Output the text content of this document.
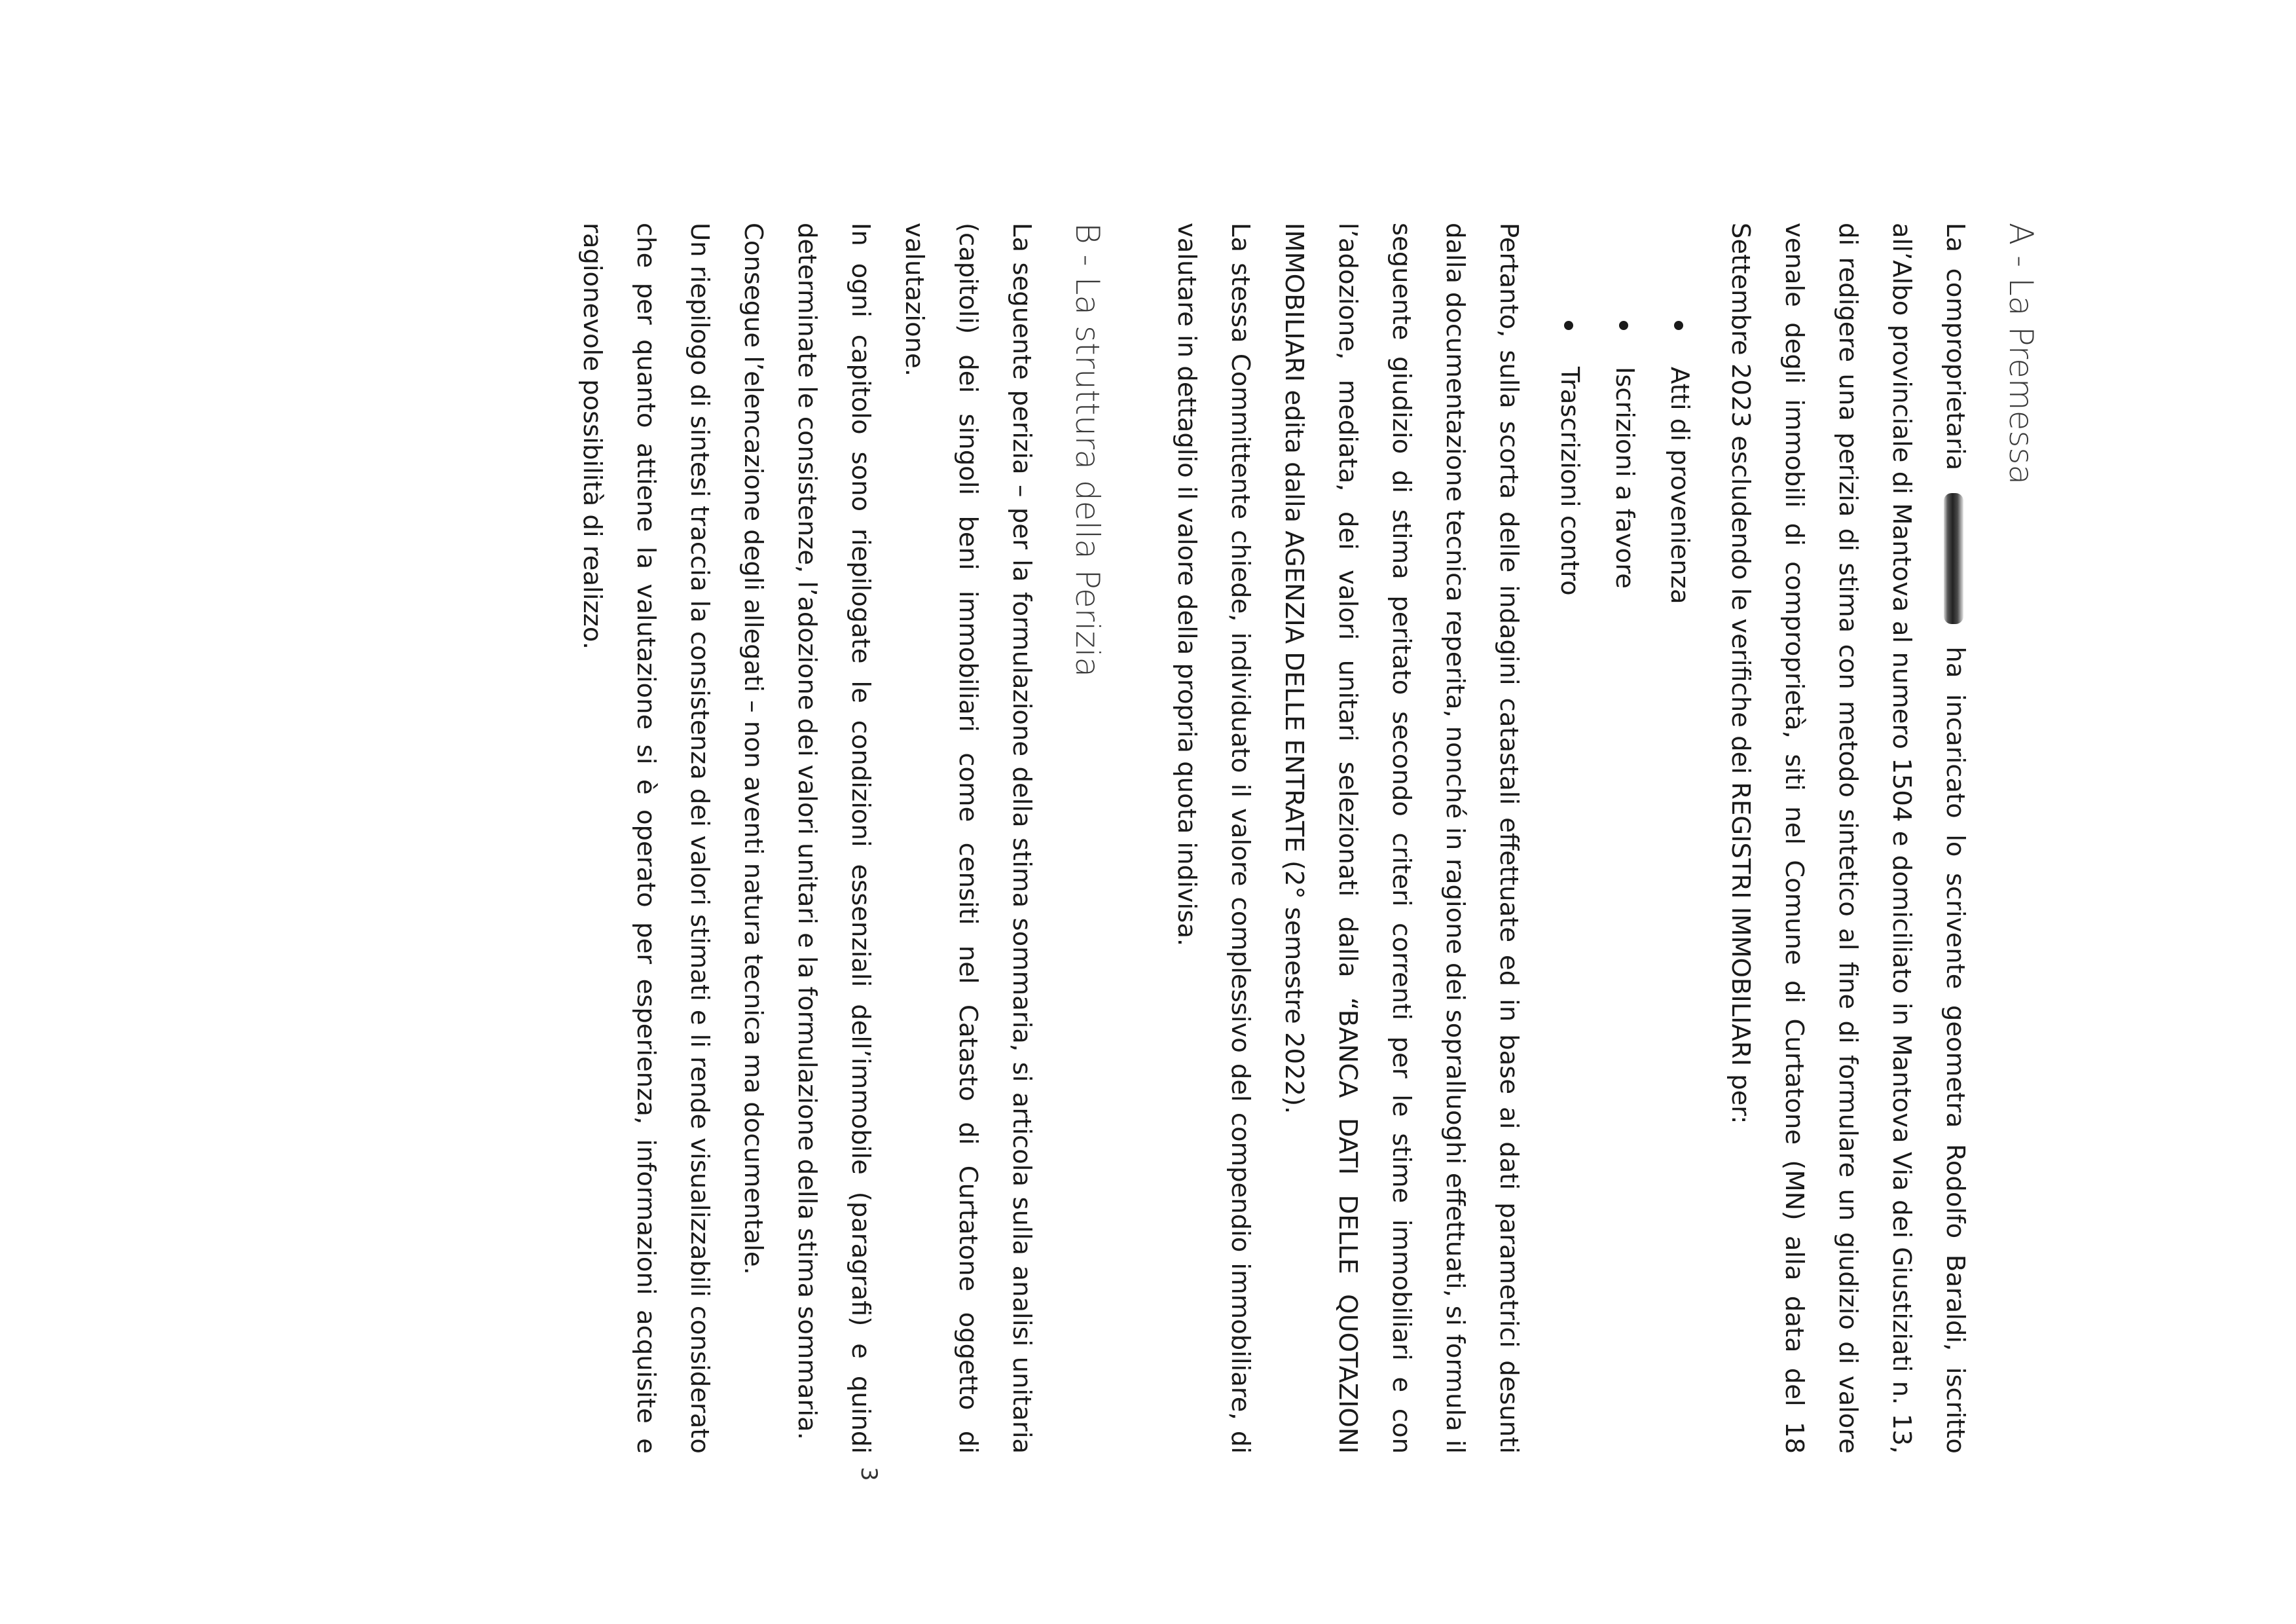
A - La Premessa

La comproprietaria  ha incaricato lo scrivente geometra Rodolfo Baraldi, iscritto all’Albo provinciale di Mantova al numero 1504 e domiciliato in Mantova Via dei Giustiziati n. 13, di redigere una perizia di stima con metodo sintetico al fine di formulare un giudizio di valore venale degli immobili di comproprietà, siti nel Comune di Curtatone (MN) alla data del 18 Settembre 2023 escludendo le verifiche dei REGISTRI IMMOBILIARI per:

Atti di provenienza
Iscrizioni a favore
Trascrizioni contro

Pertanto, sulla scorta delle indagini catastali effettuate ed in base ai dati parametrici desunti dalla documentazione tecnica reperita, nonché in ragione dei sopralluoghi effettuati, si formula il seguente giudizio di stima peritato secondo criteri correnti per le stime immobiliari e con l’adozione, mediata, dei valori unitari selezionati dalla “BANCA DATI DELLE QUOTAZIONI IMMOBILIARI edita dalla AGENZIA DELLE ENTRATE (2° semestre 2022).

La stessa Committente chiede, individuato il valore complessivo del compendio immobiliare, di valutare in dettaglio il valore della propria quota indivisa.

B - La struttura della Perizia

La seguente perizia – per la formulazione della stima sommaria, si articola sulla analisi unitaria (capitoli) dei singoli beni immobiliari come censiti nel Catasto di Curtatone oggetto di valutazione.

In ogni capitolo sono riepilogate le condizioni essenziali dell’immobile (paragrafi) e quindi determinate le consistenze, l’adozione dei valori unitari e la formulazione della stima sommaria.

Consegue l’elencazione degli allegati – non aventi natura tecnica ma documentale.

Un riepilogo di sintesi traccia la consistenza dei valori stimati e li rende visualizzabili considerato che per quanto attiene la valutazione si è operato per esperienza, informazioni acquisite e ragionevole possibilità di realizzo.

3
